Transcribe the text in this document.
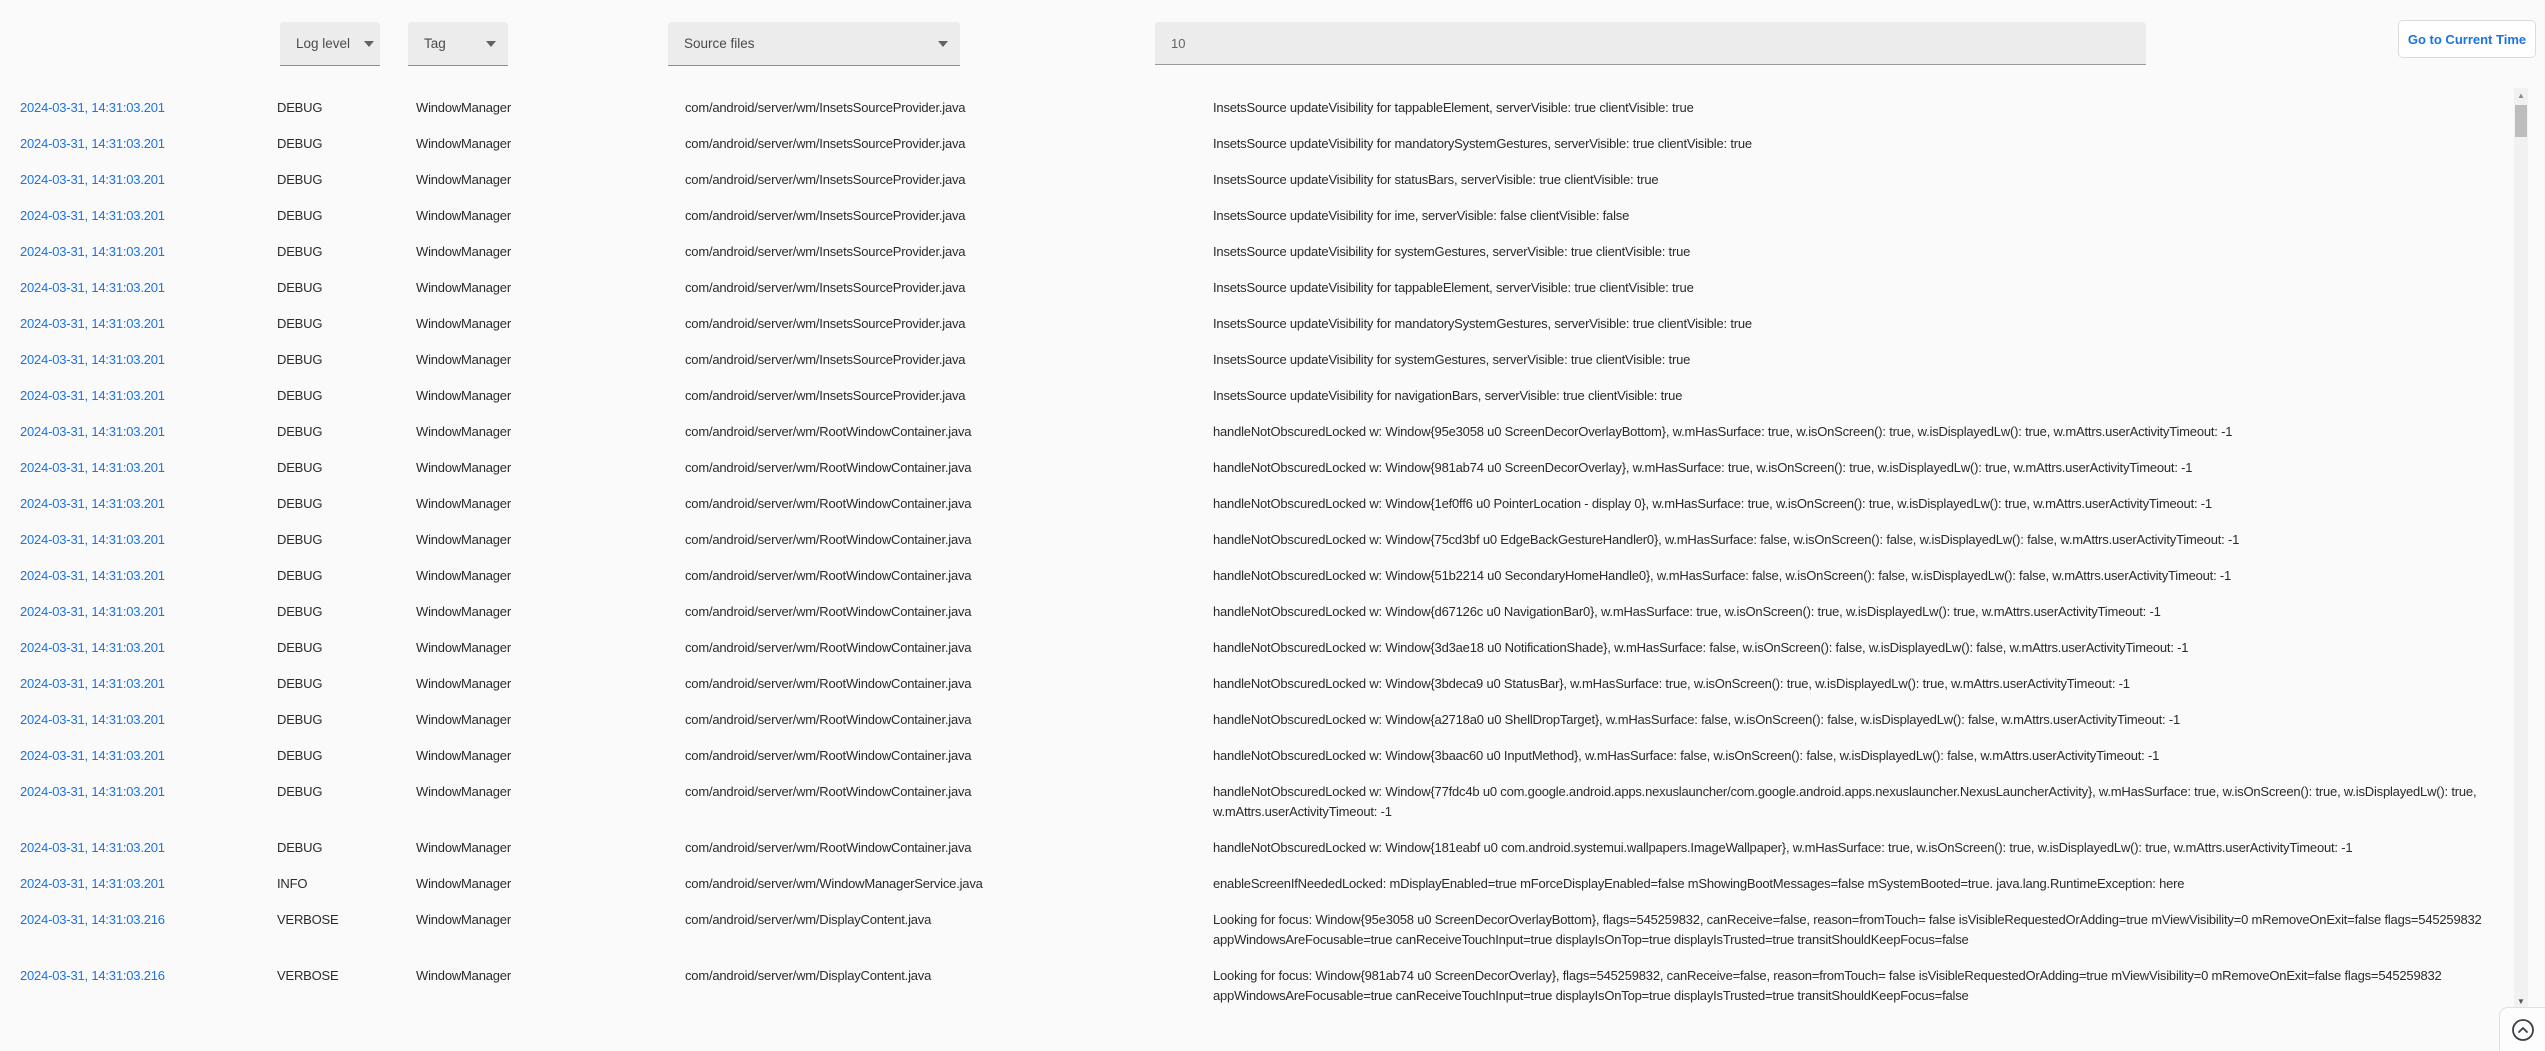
Log level	Tag	Source files
10	Go to Current Time
2024-03-31, 14:31:03.201	DEBUG	WindowManager	com/android/server/wm/InsetsSourceProvider.java	InsetsSource updateVisibility for tappableElement, serverVisible: true clientVisible: true
2024-03-31, 14:31:03.201	DEBUG	WindowManager	com/android/server/wm/InsetsSourceProvider.java	InsetsSource updateVisibility for mandatorySystemGestures, serverVisible: true clientVisible: true
2024-03-31, 14:31:03.201	DEBUG	WindowManager	com/android/server/wm/InsetsSourceProvider.java	InsetsSource updateVisibility for statusBars, serverVisible: true clientVisible: true
2024-03-31, 14:31:03.201	DEBUG	WindowManager	com/android/server/wm/InsetsSourceProvider.java	InsetsSource updateVisibility for ime, serverVisible: false clientVisible: false
2024-03-31, 14:31:03.201	DEBUG	WindowManager	com/android/server/wm/InsetsSourceProvider.java	InsetsSource updateVisibility for systemGestures, serverVisible: true clientVisible: true
2024-03-31, 14:31:03.201	DEBUG	WindowManager	com/android/server/wm/InsetsSourceProvider.java	InsetsSource updateVisibility for tappableElement, serverVisible: true clientVisible: true
2024-03-31, 14:31:03.201	DEBUG	WindowManager	com/android/server/wm/InsetsSourceProvider.java	InsetsSource updateVisibility for mandatorySystemGestures, serverVisible: true clientVisible: true
2024-03-31, 14:31:03.201	DEBUG	WindowManager	com/android/server/wm/InsetsSourceProvider.java	InsetsSource updateVisibility for systemGestures, serverVisible: true clientVisible: true
2024-03-31, 14:31:03.201	DEBUG	WindowManager	com/android/server/wm/InsetsSourceProvider.java	InsetsSource updateVisibility for navigationBars, serverVisible: true clientVisible: true
2024-03-31, 14:31:03.201	DEBUG	WindowManager	com/android/server/wm/RootWindowContainer.java	handleNotObscuredLocked w: Window{95e3058 u0 ScreenDecorOverlayBottom}, w.mHasSurface: true, w.isOnScreen(): true, w.isDisplayedLw(): true, w.mAttrs.userActivityTimeout: -1
2024-03-31, 14:31:03.201	DEBUG	WindowManager	com/android/server/wm/RootWindowContainer.java	handleNotObscuredLocked w: Window{981ab74 u0 ScreenDecorOverlay}, w.mHasSurface: true, w.isOnScreen(): true, w.isDisplayedLw(): true, w.mAttrs.userActivityTimeout: -1
2024-03-31, 14:31:03.201	DEBUG	WindowManager	com/android/server/wm/RootWindowContainer.java	handleNotObscuredLocked w: Window{1ef0ff6 u0 PointerLocation - display 0}, w.mHasSurface: true, w.isOnScreen(): true, w.isDisplayedLw(): true, w.mAttrs.userActivityTimeout: -1
2024-03-31, 14:31:03.201	DEBUG	WindowManager	com/android/server/wm/RootWindowContainer.java	handleNotObscuredLocked w: Window{75cd3bf u0 EdgeBackGestureHandler0}, w.mHasSurface: false, w.isOnScreen(): false, w.isDisplayedLw(): false, w.mAttrs.userActivityTimeout: -1
2024-03-31, 14:31:03.201	DEBUG	WindowManager	com/android/server/wm/RootWindowContainer.java	handleNotObscuredLocked w: Window{51b2214 u0 SecondaryHomeHandle0}, w.mHasSurface: false, w.isOnScreen(): false, w.isDisplayedLw(): false, w.mAttrs.userActivityTimeout: -1
2024-03-31, 14:31:03.201	DEBUG	WindowManager	com/android/server/wm/RootWindowContainer.java	handleNotObscuredLocked w: Window{d67126c u0 NavigationBar0}, w.mHasSurface: true, w.isOnScreen(): true, w.isDisplayedLw(): true, w.mAttrs.userActivityTimeout: -1
2024-03-31, 14:31:03.201	DEBUG	WindowManager	com/android/server/wm/RootWindowContainer.java	handleNotObscuredLocked w: Window{3d3ae18 u0 NotificationShade}, w.mHasSurface: false, w.isOnScreen(): false, w.isDisplayedLw(): false, w.mAttrs.userActivityTimeout: -1
2024-03-31, 14:31:03.201	DEBUG	WindowManager	com/android/server/wm/RootWindowContainer.java	handleNotObscuredLocked w: Window{3bdeca9 u0 StatusBar}, w.mHasSurface: true, w.isOnScreen(): true, w.isDisplayedLw(): true, w.mAttrs.userActivityTimeout: -1
2024-03-31, 14:31:03.201	DEBUG	WindowManager	com/android/server/wm/RootWindowContainer.java	handleNotObscuredLocked w: Window{a2718a0 u0 ShellDropTarget}, w.mHasSurface: false, w.isOnScreen(): false, w.isDisplayedLw(): false, w.mAttrs.userActivityTimeout: -1
2024-03-31, 14:31:03.201	DEBUG	WindowManager	com/android/server/wm/RootWindowContainer.java	handleNotObscuredLocked w: Window{3baac60 u0 InputMethod}, w.mHasSurface: false, w.isOnScreen(): false, w.isDisplayedLw(): false, w.mAttrs.userActivityTimeout: -1
2024-03-31, 14:31:03.201	DEBUG	WindowManager	com/android/server/wm/RootWindowContainer.java	handleNotObscuredLocked w: Window{77fdc4b u0 com.google.android.apps.nexuslauncher/com.google.android.apps.nexuslauncher.NexusLauncherActivity}, w.mHasSurface: true, w.isOnScreen(): true, w.isDisplayedLw(): true, w.mAttrs.userActivityTimeout: -1
2024-03-31, 14:31:03.201	DEBUG	WindowManager	com/android/server/wm/RootWindowContainer.java	handleNotObscuredLocked w: Window{181eabf u0 com.android.systemui.wallpapers.ImageWallpaper}, w.mHasSurface: true, w.isOnScreen(): true, w.isDisplayedLw(): true, w.mAttrs.userActivityTimeout: -1
2024-03-31, 14:31:03.201	INFO	WindowManager	com/android/server/wm/WindowManagerService.java	enableScreenIfNeededLocked: mDisplayEnabled=true mForceDisplayEnabled=false mShowingBootMessages=false mSystemBooted=true. java.lang.RuntimeException: here
2024-03-31, 14:31:03.216	VERBOSE	WindowManager	com/android/server/wm/DisplayContent.java	Looking for focus: Window{95e3058 u0 ScreenDecorOverlayBottom}, flags=545259832, canReceive=false, reason=fromTouch= false isVisibleRequestedOrAdding=true mViewVisibility=0 mRemoveOnExit=false flags=545259832 appWindowsAreFocusable=true canReceiveTouchInput=true displayIsOnTop=true displayIsTrusted=true transitShouldKeepFocus=false
2024-03-31, 14:31:03.216	VERBOSE	WindowManager	com/android/server/wm/DisplayContent.java	Looking for focus: Window{981ab74 u0 ScreenDecorOverlay}, flags=545259832, canReceive=false, reason=fromTouch= false isVisibleRequestedOrAdding=true mViewVisibility=0 mRemoveOnExit=false flags=545259832 appWindowsAreFocusable=true canReceiveTouchInput=true displayIsOnTop=true displayIsTrusted=true transitShouldKeepFocus=false
▲
▼
